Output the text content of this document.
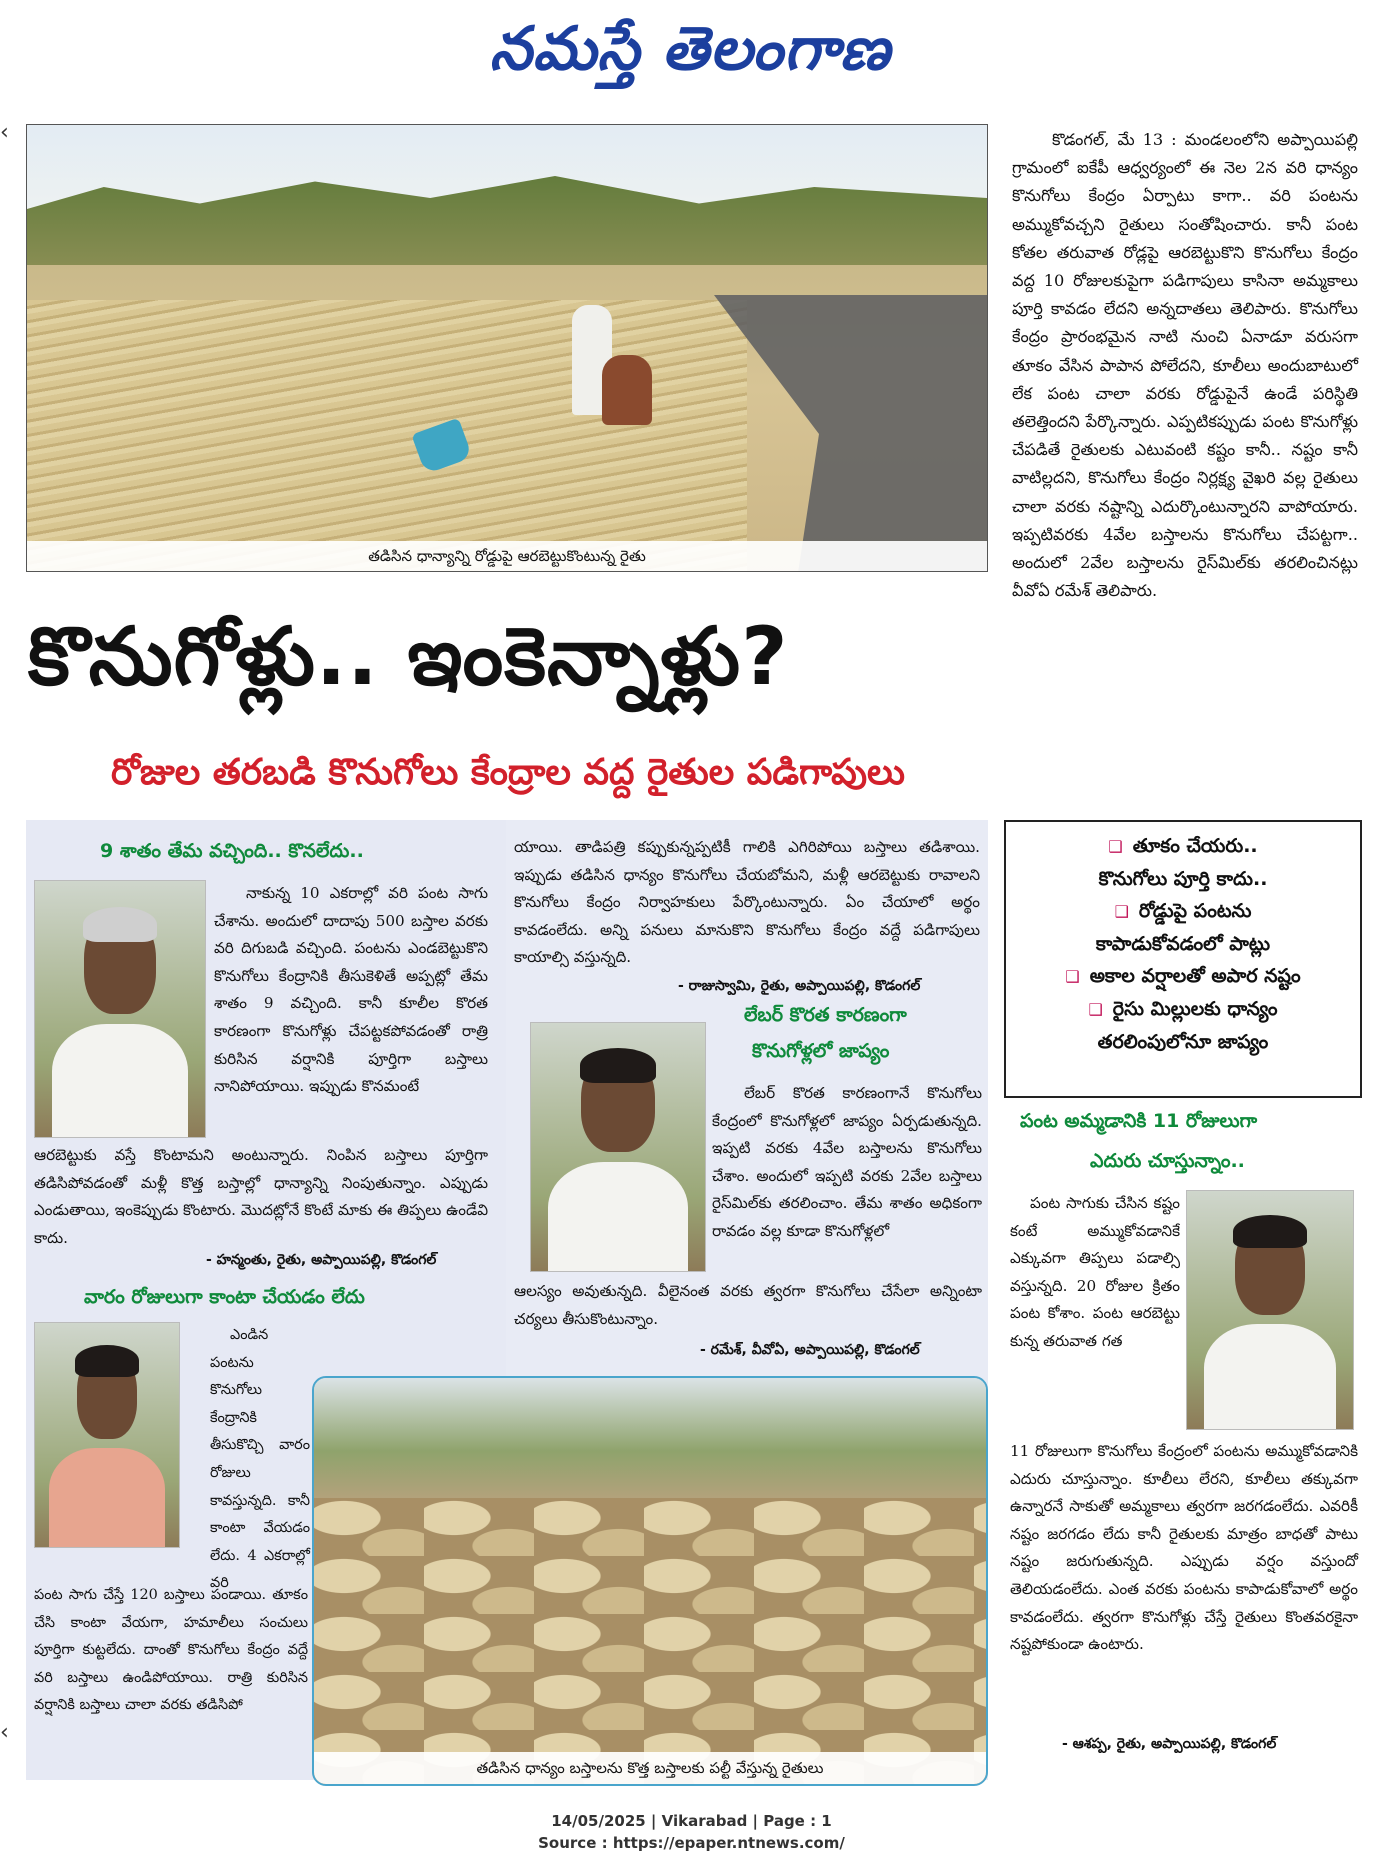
నమస్తే తెలంగాణ
‹
‹
తడిసిన ధాన్యాన్ని రోడ్డుపై ఆరబెట్టుకొంటున్న రైతు

కొడంగల్, మే 13 : మండలంలోని అప్పాయిపల్లి గ్రామంలో ఐకేపీ ఆధ్వర్యంలో ఈ నెల 2న వరి ధాన్యం కొనుగోలు కేంద్రం ఏర్పాటు కాగా.. వరి పంటను అమ్ముకోవచ్చని రైతులు సంతోషించారు. కానీ పంట కోతల తరువాత రోడ్లపై ఆరబెట్టుకొని కొనుగోలు కేంద్రం వద్ద 10 రోజులకుపైగా పడిగాపులు కాసినా అమ్మకాలు పూర్తి కావడం లేదని అన్నదాతలు తెలిపారు. కొనుగోలు కేంద్రం ప్రారంభమైన నాటి నుంచి ఏనాడూ వరుసగా తూకం వేసిన పాపాన పోలేదని, కూలీలు అందుబాటులో లేక పంట చాలా వరకు రోడ్డుపైనే ఉండే పరిస్థితి తలెత్తిందని పేర్కొన్నారు. ఎప్పటికప్పుడు పంట కొనుగోళ్లు చేపడితే రైతులకు ఎటువంటి కష్టం కానీ.. నష్టం కానీ వాటిల్లదని, కొనుగోలు కేంద్రం నిర్లక్ష్య వైఖరి వల్ల రైతులు చాలా వరకు నష్టాన్ని ఎదుర్కొంటున్నారని వాపోయారు. ఇప్పటివరకు 4వేల బస్తాలను కొనుగోలు చేపట్టగా.. అందులో 2వేల బస్తాలను రైస్‌మిల్‌కు తరలించినట్లు వీవోఏ రమేశ్ తెలిపారు.

కొనుగోళ్లు.. ఇంకెన్నాళ్లు?
రోజుల తరబడి కొనుగోలు కేంద్రాల వద్ద రైతుల పడిగాపులు
❑ తూకం చేయరు..
కొనుగోలు పూర్తి కాదు..
❑ రోడ్డుపై పంటను
కాపాడుకోవడంలో పాట్లు
❑ అకాల వర్షాలతో అపార నష్టం
❑ రైసు మిల్లులకు ధాన్యం
తరలింపులోనూ జాప్యం
9 శాతం తేమ వచ్చింది.. కొనలేదు..

నాకున్న 10 ఎకరాల్లో వరి పంట సాగు చేశాను. అందులో దాదాపు 500 బస్తాల వరకు వరి దిగుబడి వచ్చింది. పంటను ఎండబెట్టుకొని కొనుగోలు కేంద్రానికి తీసుకెళితే అప్పట్లో తేమ శాతం 9 వచ్చింది. కానీ కూలీల కొరత కారణంగా కొనుగోళ్లు చేపట్టకపోవడంతో రాత్రి కురిసిన వర్షానికి పూర్తిగా బస్తాలు నానిపోయాయి. ఇప్పుడు కొనమంటే

ఆరబెట్టుకు వస్తే కొంటామని అంటున్నారు. నింపిన బస్తాలు పూర్తిగా తడిసిపోవడంతో మళ్లీ కొత్త బస్తాల్లో ధాన్యాన్ని నింపుతున్నాం. ఎప్పుడు ఎండుతాయి, ఇంకెప్పుడు కొంటారు. మొదట్లోనే కొంటే మాకు ఈ తిప్పలు ఉండేవి కాదు.

- హన్మంతు, రైతు, అప్పాయిపల్లి, కొడంగల్
వారం రోజులుగా కాంటా చేయడం లేదు

ఎండిన పంటను కొనుగోలు కేంద్రానికి తీసుకొచ్చి వారం రోజులు కావస్తున్నది. కానీ కాంటా వేయడం లేదు. 4 ఎకరాల్లో వరి

పంట సాగు చేస్తే 120 బస్తాలు పండాయి. తూకం చేసి కాంటా వేయగా, హమాలీలు సంచులు పూర్తిగా కుట్టలేదు. దాంతో కొనుగోలు కేంద్రం వద్దే వరి బస్తాలు ఉండిపోయాయి. రాత్రి కురిసిన వర్షానికి బస్తాలు చాలా వరకు తడిసిపో

యాయి. తాడిపత్రి కప్పుకున్నప్పటికీ గాలికి ఎగిరిపోయి బస్తాలు తడిశాయి. ఇప్పుడు తడిసిన ధాన్యం కొనుగోలు చేయబోమని, మళ్లీ ఆరబెట్టుకు రావాలని కొనుగోలు కేంద్రం నిర్వాహకులు పేర్కొంటున్నారు. ఏం చేయాలో అర్థం కావడంలేదు. అన్ని పనులు మానుకొని కొనుగోలు కేంద్రం వద్దే పడిగాపులు కాయాల్సి వస్తున్నది.

- రాజుస్వామి, రైతు, అప్పాయిపల్లి, కొడంగల్
లేబర్ కొరత కారణంగా
కొనుగోళ్లలో జాప్యం

లేబర్ కొరత కారణంగానే కొనుగోలు కేంద్రంలో కొనుగోళ్లలో జాప్యం ఏర్పడుతున్నది. ఇప్పటి వరకు 4వేల బస్తాలను కొనుగోలు చేశాం. అందులో ఇప్పటి వరకు 2వేల బస్తాలు రైస్‌మిల్‌కు తరలించాం. తేమ శాతం అధికంగా రావడం వల్ల కూడా కొనుగోళ్లలో

ఆలస్యం అవుతున్నది. వీలైనంత వరకు త్వరగా కొనుగోలు చేసేలా అన్నింటా చర్యలు తీసుకొంటున్నాం.

- రమేశ్, వీవోఏ, అప్పాయిపల్లి, కొడంగల్
పంట అమ్మడానికి 11 రోజులుగా
ఎదురు చూస్తున్నాం..

పంట సాగుకు చేసిన కష్టం కంటే అమ్ముకోవడానికే ఎక్కువగా తిప్పలు పడాల్సి వస్తున్నది. 20 రోజుల క్రితం పంట కోశాం. పంట ఆరబెట్టు కున్న తరువాత గత

11 రోజులుగా కొనుగోలు కేంద్రంలో పంటను అమ్ముకోవడానికి ఎదురు చూస్తున్నాం. కూలీలు లేరని, కూలీలు తక్కువగా ఉన్నారనే సాకుతో అమ్మకాలు త్వరగా జరగడంలేదు. ఎవరికీ నష్టం జరగడం లేదు కానీ రైతులకు మాత్రం బాధతో పాటు నష్టం జరుగుతున్నది. ఎప్పుడు వర్షం వస్తుందో తెలియడంలేదు. ఎంత వరకు పంటను కాపాడుకోవాలో అర్థం కావడంలేదు. త్వరగా కొనుగోళ్లు చేస్తే రైతులు కొంతవరకైనా నష్టపోకుండా ఉంటారు.

- ఆశప్ప, రైతు, అప్పాయిపల్లి, కొడంగల్
తడిసిన ధాన్యం బస్తాలను కొత్త బస్తాలకు పల్టీ వేస్తున్న రైతులు
14/05/2025 | Vikarabad | Page : 1
Source : https://epaper.ntnews.com/
